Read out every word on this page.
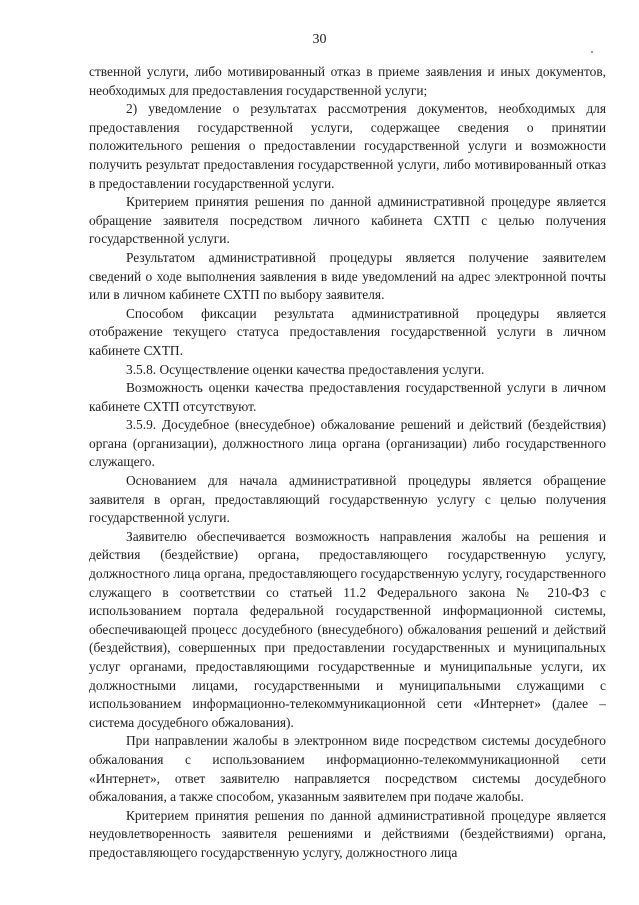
30

ственной услуги, либо мотивированный отказ в приеме заявления и иных документов, необходимых для предоставления государственной услуги;

2) уведомление о результатах рассмотрения документов, необходимых для предоставления государственной услуги, содержащее сведения о принятии положительного решения о предоставлении государственной услуги и возможности получить результат предоставления государственной услуги, либо мотивированный отказ в предоставлении государственной услуги.

Критерием принятия решения по данной административной процедуре является обращение заявителя посредством личного кабинета СХТП с целью получения государственной услуги.

Результатом административной процедуры является получение заявителем сведений о ходе выполнения заявления в виде уведомлений на адрес электронной почты или в личном кабинете СХТП по выбору заявителя.

Способом фиксации результата административной процедуры является отображение текущего статуса предоставления государственной услуги в личном кабинете СХТП.

3.5.8. Осуществление оценки качества предоставления услуги.

Возможность оценки качества предоставления государственной услуги в личном кабинете СХТП отсутствуют.

3.5.9. Досудебное (внесудебное) обжалование решений и действий (бездействия) органа (организации), должностного лица органа (организации) либо государственного служащего.

Основанием для начала административной процедуры является обращение заявителя в орган, предоставляющий государственную услугу с целью получения государственной услуги.

Заявителю обеспечивается возможность направления жалобы на решения и действия (бездействие) органа, предоставляющего государственную услугу, должностного лица органа, предоставляющего государственную услугу, государственного служащего в соответствии со статьей 11.2 Федерального закона № 210-ФЗ с использованием портала федеральной государственной информационной системы, обеспечивающей процесс досудебного (внесудебного) обжалования решений и действий (бездействия), совершенных при предоставлении государственных и муниципальных услуг органами, предоставляющими государственные и муниципальные услуги, их должностными лицами, государственными и муниципальными служащими с использованием информационно-телекоммуникационной сети «Интернет» (далее – система досудебного обжалования).

При направлении жалобы в электронном виде посредством системы досудебного обжалования с использованием информационно-телекоммуникационной сети «Интернет», ответ заявителю направляется посредством системы досудебного обжалования, а также способом, указанным заявителем при подаче жалобы.

Критерием принятия решения по данной административной процедуре является неудовлетворенность заявителя решениями и действиями (бездействиями) органа, предоставляющего государственную услугу, должностного лица
